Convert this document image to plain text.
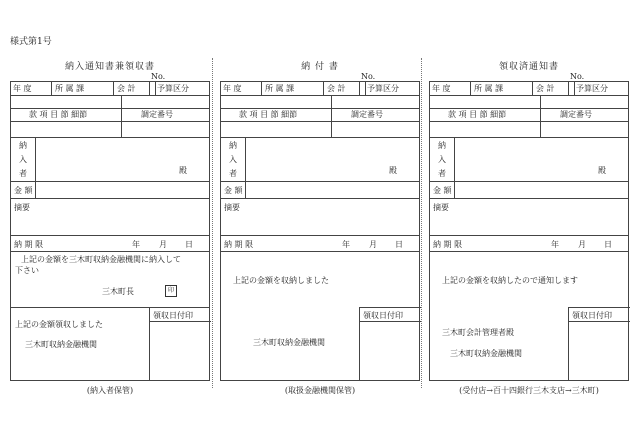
様式第1号
納入通知書兼領収書
No.
年 度	所 属 課	会 計	予算区分
款 項 目 節 細節	調定番号
納
入
者	殿
金 額
摘要
納 期 限	年 月 日
上記の金額を三木町収納金融機関に納入して
下さい
三木町長	印
領収日付印
上記の金額領収しました
三木町収納金融機関
(納入者保管)
納 付 書
No.
年 度	所 属 課	会 計	予算区分
款 項 目 節 細節	調定番号
納
入
者	殿
金 額
摘要
納 期 限	年 月 日
上記の金額を収納しました
領収日付印
三木町収納金融機関
(取扱金融機関保管)
領収済通知書
No.
年 度	所 属 課	会 計	予算区分
款 項 目 節 細節	調定番号
納
入
者	殿
金 額
摘要
納 期 限	年 月 日
上記の金額を収納したので通知します
領収日付印
三木町会計管理者殿
三木町収納金融機関
(受付店→百十四銀行三木支店→三木町)
